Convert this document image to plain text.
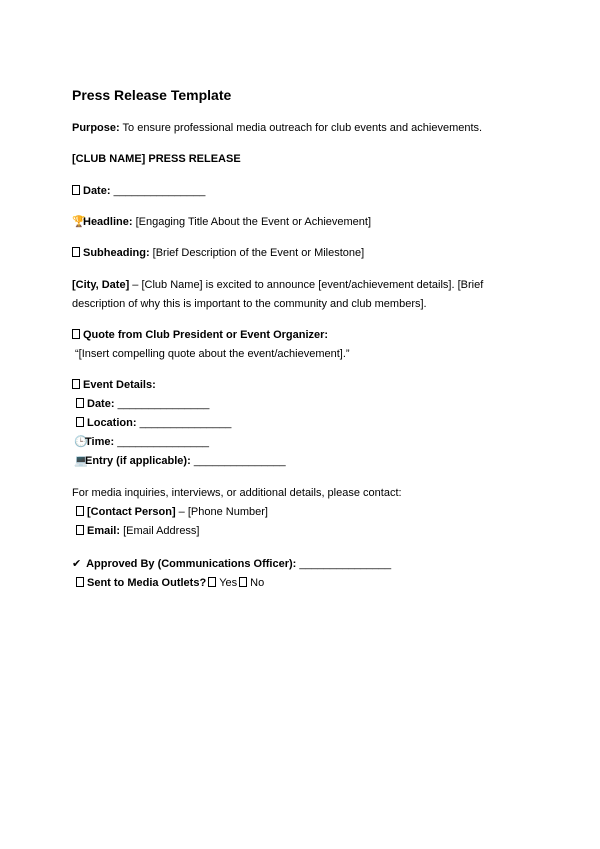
Press Release Template
Purpose: To ensure professional media outreach for club events and achievements.
[CLUB NAME] PRESS RELEASE
Date: _______________
🏆Headline: [Engaging Title About the Event or Achievement]
Subheading: [Brief Description of the Event or Milestone]
[City, Date] – [Club Name] is excited to announce [event/achievement details]. [Brief
description of why this is important to the community and club members].
Quote from Club President or Event Organizer:
“[Insert compelling quote about the event/achievement].”
Event Details:
Date: _______________
Location: _______________
🕒Time: _______________
💻Entry (if applicable): _______________
For media inquiries, interviews, or additional details, please contact:
[Contact Person] – [Phone Number]
Email: [Email Address]
✔ Approved By (Communications Officer): _______________
Sent to Media Outlets? Yes No
